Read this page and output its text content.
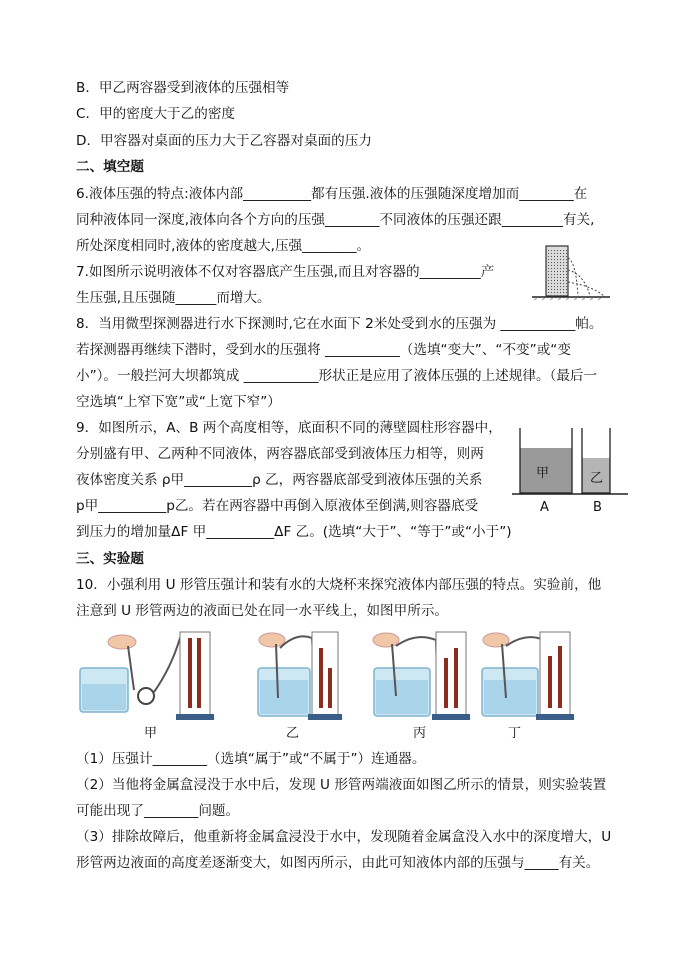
B．甲乙两容器受到液体的压强相等
C．甲的密度大于乙的密度
D．甲容器对桌面的压力大于乙容器对桌面的压力
二、填空题
6.液体压强的特点:液体内部__________都有压强.液体的压强随深度增加而________在
同种液体同一深度,液体向各个方向的压强________不同液体的压强还跟_________有关,
所处深度相同时,液体的密度越大,压强________。
7.如图所示说明液体不仅对容器底产生压强,而且对容器的_________产
生压强,且压强随______而增大。
8．当用微型探测器进行水下探测时,它在水面下 2米处受到水的压强为 ___________帕。
若探测器再继续下潜时，受到水的压强将 ___________（选填“变大”、“不变”或“变
小”）。一般拦河大坝都筑成 ___________形状正是应用了液体压强的上述规律。（最后一
空选填“上窄下宽”或“上宽下窄”）
9．如图所示，A、B 两个高度相等，底面积不同的薄壁圆柱形容器中，
分别盛有甲、乙两种不同液体，两容器底部受到液体压力相等，则两
夜体密度关系 ρ甲__________ρ 乙，两容器底部受到液体压强的关系
p甲__________p乙。若在两容器中再倒入原液体至倒满,则容器底受
到压力的增加量ΔF 甲__________ΔF 乙。(选填“大于”、“等于”或“小于”)
甲	乙
A	B
三、实验题
10．小强利用 U 形管压强计和装有水的大烧杯来探究液体内部压强的特点。实验前，他
注意到 U 形管两边的液面已处在同一水平线上，如图甲所示。
甲	乙	丙	丁
（1）压强计________（选填“属于”或“不属于”）连通器。
（2）当他将金属盒浸没于水中后，发现 U 形管两端液面如图乙所示的情景，则实验装置
可能出现了________问题。
（3）排除故障后，他重新将金属盒浸没于水中，发现随着金属盒没入水中的深度增大，U
形管两边液面的高度差逐渐变大，如图丙所示，由此可知液体内部的压强与_____有关。
